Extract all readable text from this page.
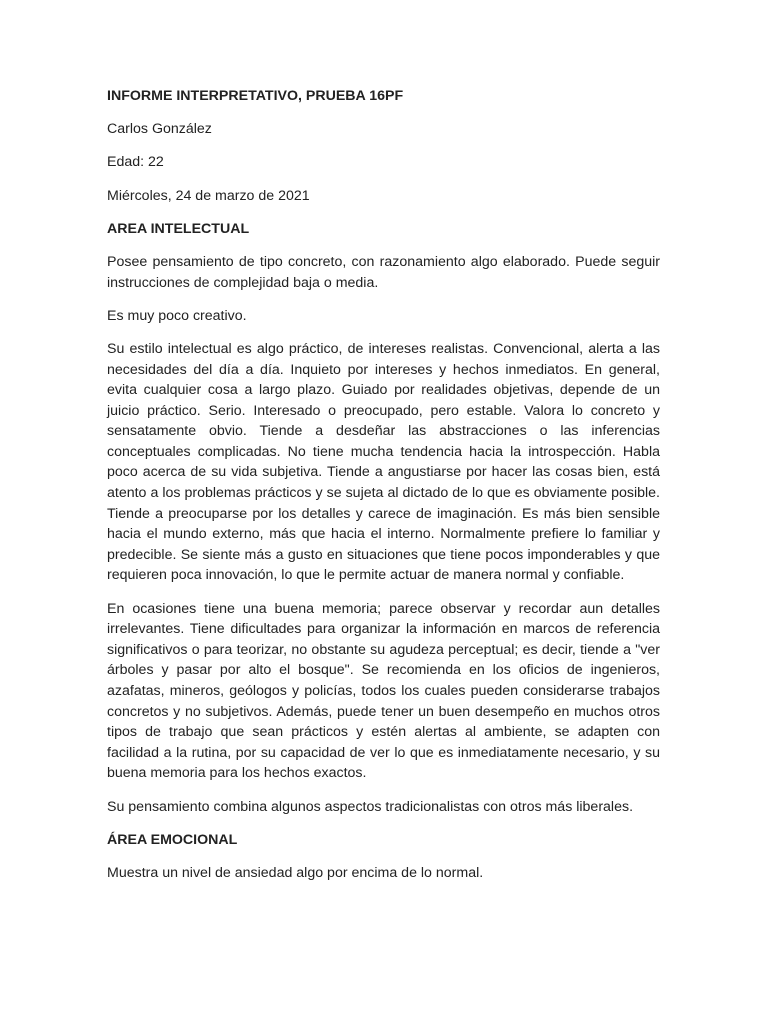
INFORME INTERPRETATIVO, PRUEBA 16PF
Carlos González
Edad: 22
Miércoles, 24 de marzo de 2021
AREA INTELECTUAL

Posee pensamiento de tipo concreto, con razonamiento algo elaborado. Puede seguir instrucciones de complejidad baja o media.

Es muy poco creativo.

Su estilo intelectual es algo práctico, de intereses realistas. Convencional, alerta a las necesidades del día a día. Inquieto por intereses y hechos inmediatos. En general, evita cualquier cosa a largo plazo. Guiado por realidades objetivas, depende de un juicio práctico. Serio. Interesado o preocupado, pero estable. Valora lo concreto y sensatamente obvio. Tiende a desdeñar las abstracciones o las inferencias conceptuales complicadas. No tiene mucha tendencia hacia la introspección. Habla poco acerca de su vida subjetiva. Tiende a angustiarse por hacer las cosas bien, está atento a los problemas prácticos y se sujeta al dictado de lo que es obviamente posible. Tiende a preocuparse por los detalles y carece de imaginación. Es más bien sensible hacia el mundo externo, más que hacia el interno. Normalmente prefiere lo familiar y predecible. Se siente más a gusto en situaciones que tiene pocos imponderables y que requieren poca innovación, lo que le permite actuar de manera normal y confiable.

En ocasiones tiene una buena memoria; parece observar y recordar aun detalles irrelevantes. Tiene dificultades para organizar la información en marcos de referencia significativos o para teorizar, no obstante su agudeza perceptual; es decir, tiende a "ver árboles y pasar por alto el bosque". Se recomienda en los oficios de ingenieros, azafatas, mineros, geólogos y policías, todos los cuales pueden considerarse trabajos concretos y no subjetivos. Además, puede tener un buen desempeño en muchos otros tipos de trabajo que sean prácticos y estén alertas al ambiente, se adapten con facilidad a la rutina, por su capacidad de ver lo que es inmediatamente necesario, y su buena memoria para los hechos exactos.

Su pensamiento combina algunos aspectos tradicionalistas con otros más liberales.

ÁREA EMOCIONAL

Muestra un nivel de ansiedad algo por encima de lo normal.
